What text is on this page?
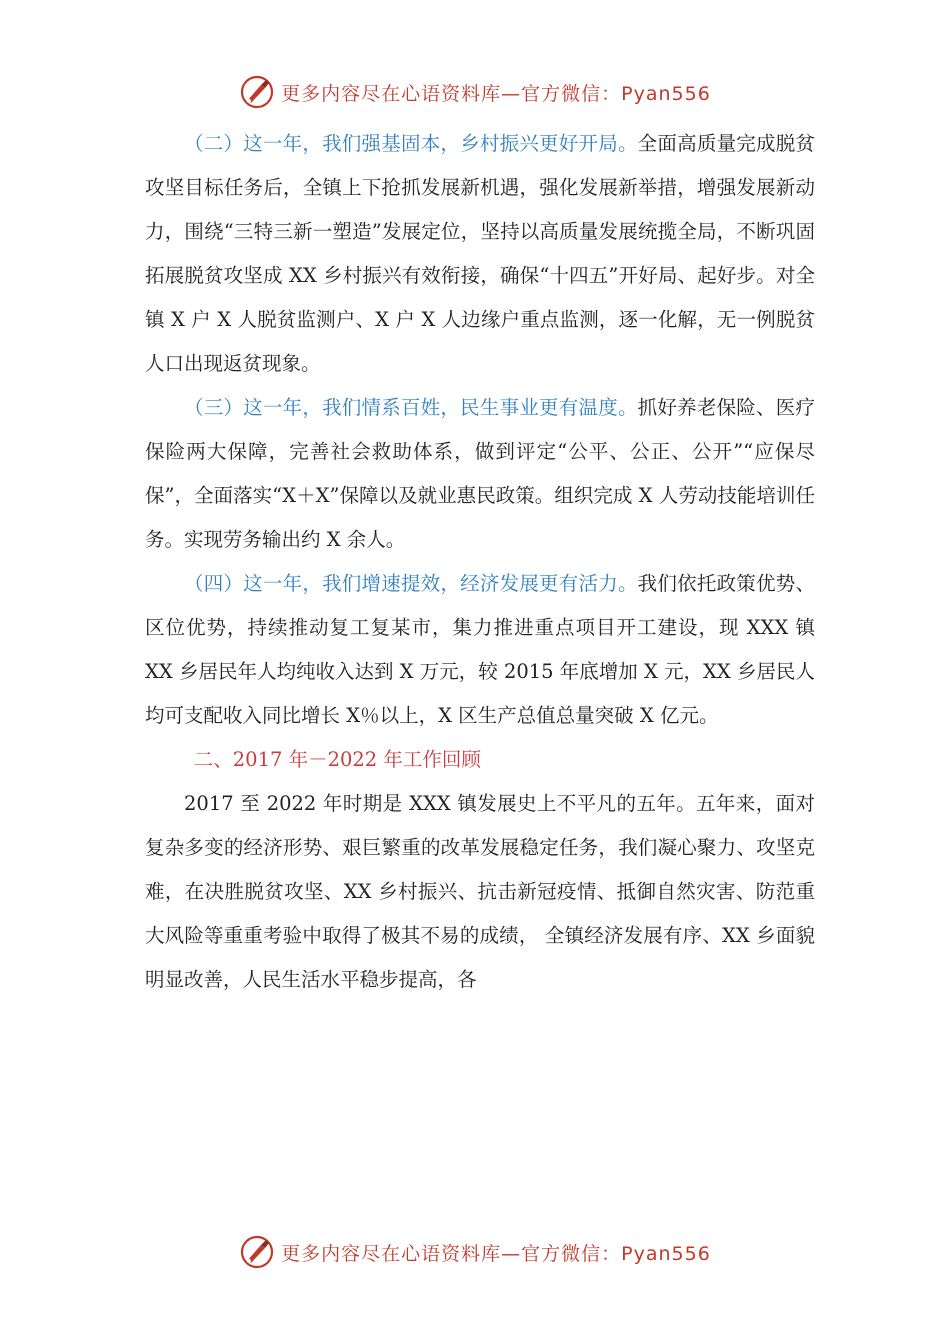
更多内容尽在心语资料库—官方微信：Pyan556

（二）这一年，我们强基固本，乡村振兴更好开局。全面高质量完成脱贫攻坚目标任务后，全镇上下抢抓发展新机遇，强化发展新举措，增强发展新动力，围绕“三特三新一塑造”发展定位，坚持以高质量发展统揽全局，不断巩固拓展脱贫攻坚成 XX 乡村振兴有效衔接，确保“十四五”开好局、起好步。对全镇 X 户 X 人脱贫监测户、X 户 X 人边缘户重点监测，逐一化解，无一例脱贫人口出现返贫现象。

（三）这一年，我们情系百姓，民生事业更有温度。抓好养老保险、医疗保险两大保障，完善社会救助体系，做到评定“公平、公正、公开”“应保尽保”，全面落实“X＋X”保障以及就业惠民政策。组织完成 X 人劳动技能培训任务。实现劳务输出约 X 余人。

（四）这一年，我们增速提效，经济发展更有活力。我们依托政策优势、区位优势，持续推动复工复某市，集力推进重点项目开工建设，现 XXX 镇 XX 乡居民年人均纯收入达到 X 万元，较 2015 年底增加 X 元，XX 乡居民人均可支配收入同比增长 X％以上，X 区生产总值总量突破 X 亿元。

二、2017 年－2022 年工作回顾

2017 至 2022 年时期是 XXX 镇发展史上不平凡的五年。五年来，面对复杂多变的经济形势、艰巨繁重的改革发展稳定任务，我们凝心聚力、攻坚克难，在决胜脱贫攻坚、XX 乡村振兴、抗击新冠疫情、抵御自然灾害、防范重大风险等重重考验中取得了极其不易的成绩， 全镇经济发展有序、XX 乡面貌明显改善，人民生活水平稳步提高，各

更多内容尽在心语资料库—官方微信：Pyan556
